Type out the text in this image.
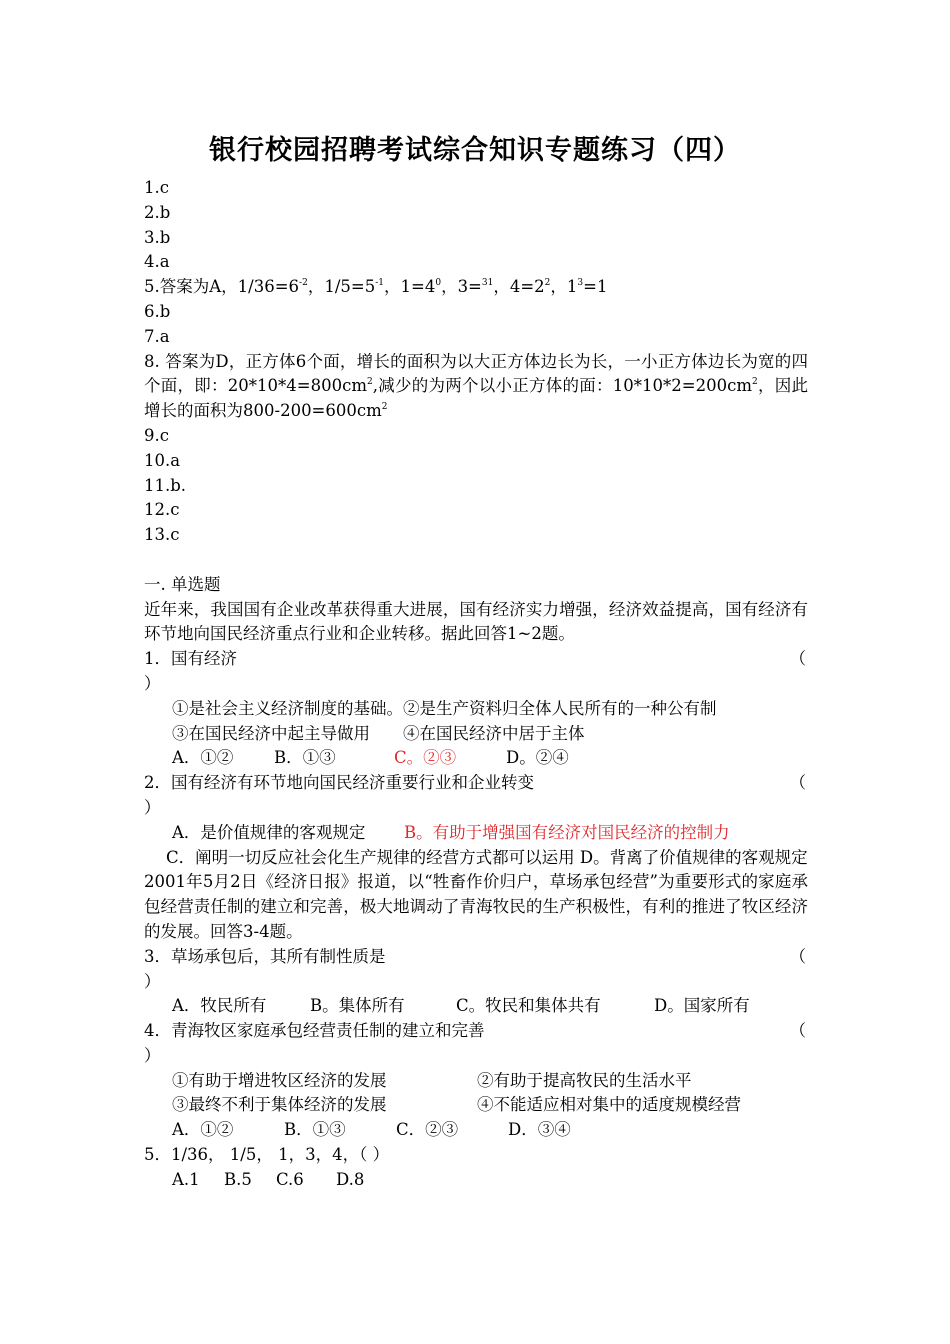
银行校园招聘考试综合知识专题练习（四）
1.c
2.b
3.b
4.a
5.答案为A，$1/36=6^{-2}$，$1/5=5^{-1}$，$1=4^0$，3=$^{31}$，$4=2^2$，$1^3=1$
6.b
7.a
8. 答案为D，正方体6个面，增长的面积为以大正方体边长为长，一小正方体边长为宽的四个面，即：$20*10*4=800cm^2$,减少的为两个以小正方体的面：$10*10*2=200cm^2$，因此增长的面积为$800-200=600cm^2$
9.c
10.a
11.b.
12.c
13.c
一. 单选题
近年来，我国国有企业改革获得重大进展，国有经济实力增强，经济效益提高，国有经济有环节地向国民经济重点行业和企业转移。据此回答1~2题。
1．国有经济	（
）
①是社会主义经济制度的基础。②是生产资料归全体人民所有的一种公有制
③在国民经济中起主导做用　　④在国民经济中居于主体
A．①② B．①③	C。②③	D。②④
2．国有经济有环节地向国民经济重要行业和企业转变	（
）
A．是价值规律的客观规定 B。有助于增强国有经济对国民经济的控制力
C．阐明一切反应社会化生产规律的经营方式都可以运用 D。背离了价值规律的客观规定
2001年5月2日《经济日报》报道，以“牲畜作价归户，草场承包经营”为重要形式的家庭承包经营责任制的建立和完善，极大地调动了青海牧民的生产积极性，有利的推进了牧区经济的发展。回答3-4题。
3．草场承包后，其所有制性质是	（
）
A．牧民所有	B。集体所有	C。牧民和集体共有	D。国家所有
4．青海牧区家庭承包经营责任制的建立和完善	（
）
①有助于增进牧区经济的发展	②有助于提高牧民的生活水平
③最终不利于集体经济的发展	④不能适应相对集中的适度规模经营
A．①②	B．①③	C．②③	D．③④
5．1/36， 1/5， 1，3，4，（ ）
A.1 B.5 C.6 D.8
